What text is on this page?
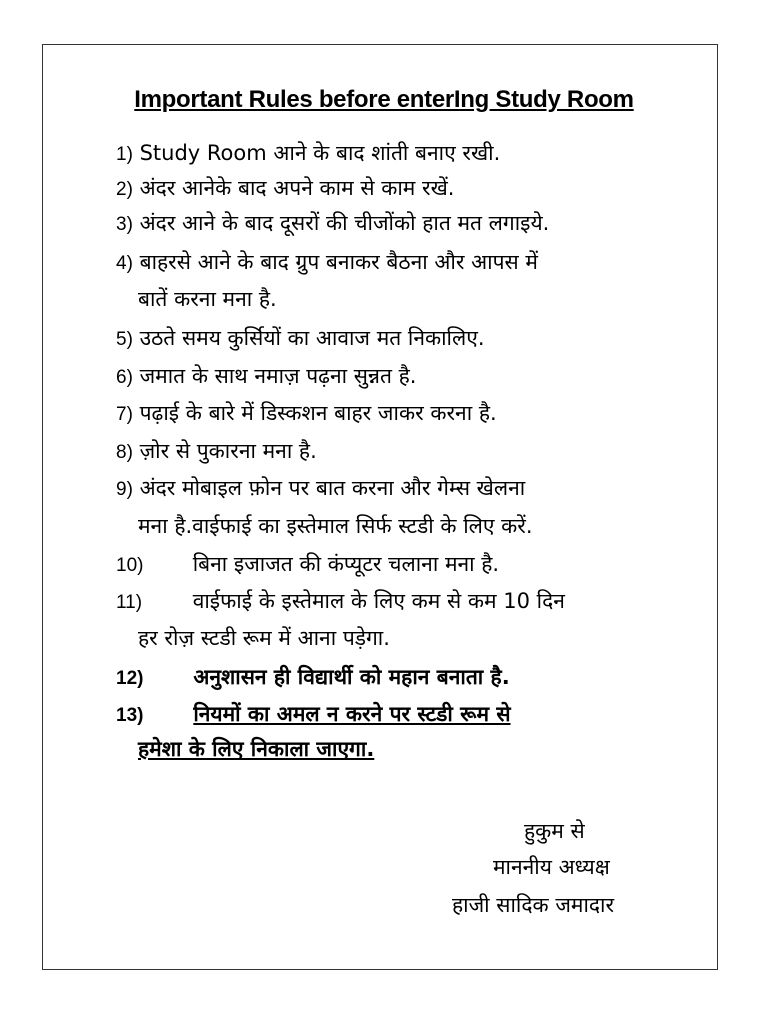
Important Rules before enterIng Study Room
1) Study Room आने के बाद शांती बनाए रखी.
2) अंदर आनेके बाद अपने काम से काम रखें.
3) अंदर आने के बाद दूसरों की चीजोंको हात मत लगाइये.
4) बाहरसे आने के बाद ग्रुप बनाकर बैठना और आपस में
बातें करना मना है.
5) उठते समय कुर्सियों का आवाज मत निकालिए.
6) जमात के साथ नमाज़ पढ़ना सुन्नत है.
7) पढ़ाई के बारे में डिस्कशन बाहर जाकर करना है.
8) ज़ोर से पुकारना मना है.
9) अंदर मोबाइल फ़ोन पर बात करना और गेम्स खेलना
मना है.वाईफाई का इस्तेमाल सिर्फ स्टडी के लिए करें.
10) बिना इजाजत की कंप्यूटर चलाना मना है.
11) वाईफाई के इस्तेमाल के लिए कम से कम 10 दिन
हर रोज़ स्टडी रूम में आना पड़ेगा.
12) अनुशासन ही विद्यार्थी को महान बनाता है.
13) नियमों का अमल न करने पर स्टडी रूम से
हमेशा के लिए निकाला जाएगा.
हुकुम से
माननीय अध्यक्ष
हाजी सादिक जमादार
